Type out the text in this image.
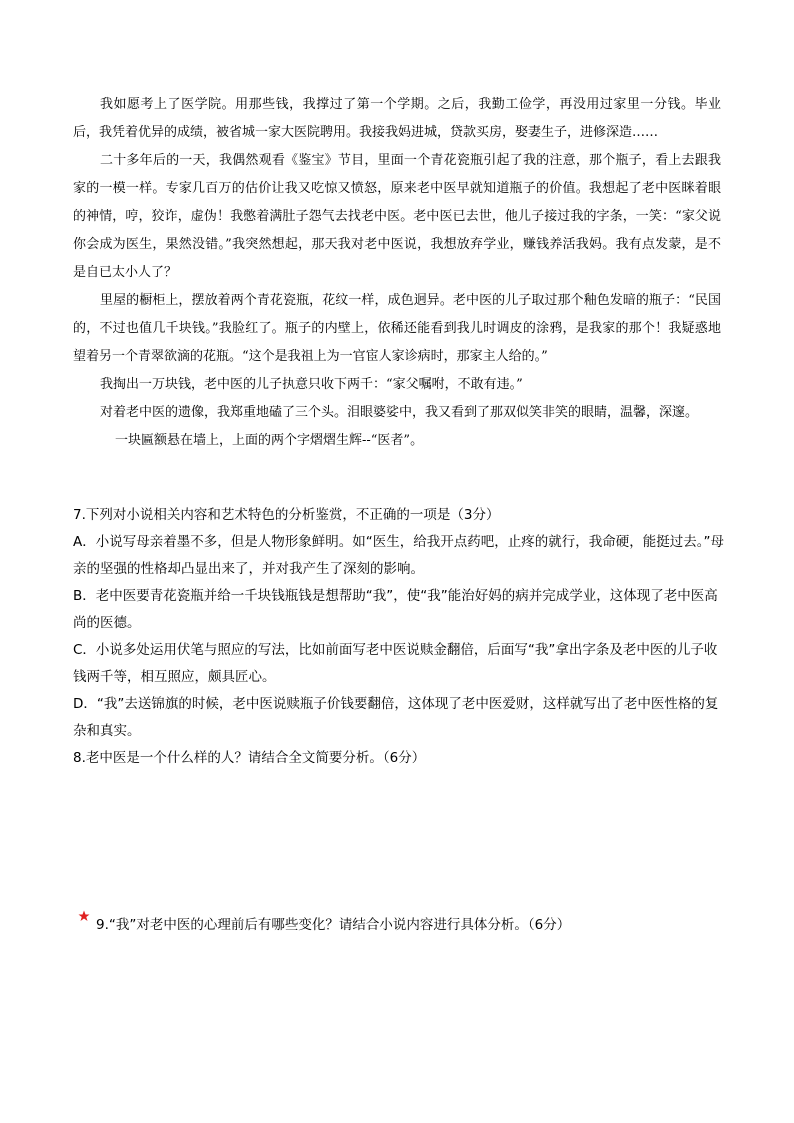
我如愿考上了医学院。用那些钱，我撑过了第一个学期。之后，我勤工俭学，再没用过家里一分钱。毕业后，我凭着优异的成绩，被省城一家大医院聘用。我接我妈进城，贷款买房，娶妻生子，进修深造……

二十多年后的一天，我偶然观看《鉴宝》节目，里面一个青花瓷瓶引起了我的注意，那个瓶子，看上去跟我家的一模一样。专家几百万的估价让我又吃惊又愤怒，原来老中医早就知道瓶子的价值。我想起了老中医眯着眼的神情，哼，狡诈，虚伪！我憋着满肚子怨气去找老中医。老中医已去世，他儿子接过我的字条，一笑：“家父说你会成为医生，果然没错。”我突然想起，那天我对老中医说，我想放弃学业，赚钱养活我妈。我有点发蒙，是不是自已太小人了？

里屋的橱柜上，摆放着两个青花瓷瓶，花纹一样，成色迥异。老中医的儿子取过那个釉色发暗的瓶子：“民国的，不过也值几千块钱。”我脸红了。瓶子的内壁上，依稀还能看到我儿时调皮的涂鸦，是我家的那个！我疑惑地望着另一个青翠欲滴的花瓶。“这个是我祖上为一官宦人家诊病时，那家主人给的。”

我掏出一万块钱，老中医的儿子执意只收下两千：“家父嘱咐，不敢有违。”

对着老中医的遗像，我郑重地磕了三个头。泪眼婆娑中，我又看到了那双似笑非笑的眼睛，温馨，深邃。

一块匾额悬在墙上，上面的两个字熠熠生辉--“医者”。

7.下列对小说相关内容和艺术特色的分析鉴赏，不正确的一项是（3分）

A．小说写母亲着墨不多，但是人物形象鲜明。如“医生，给我开点药吧，止疼的就行，我命硬，能挺过去。”母亲的坚强的性格却凸显出来了，并对我产生了深刻的影响。

B．老中医要青花瓷瓶并给一千块钱瓶钱是想帮助“我”，使“我”能治好妈的病并完成学业，这体现了老中医高尚的医德。

C．小说多处运用伏笔与照应的写法，比如前面写老中医说赎金翻倍，后面写“我”拿出字条及老中医的儿子收钱两千等，相互照应，颇具匠心。

D．“我”去送锦旗的时候，老中医说赎瓶子价钱要翻倍，这体现了老中医爱财，这样就写出了老中医性格的复杂和真实。

8.老中医是一个什么样的人？请结合全文简要分析。（6分）

9.“我”对老中医的心理前后有哪些变化？请结合小说内容进行具体分析。（6分）
